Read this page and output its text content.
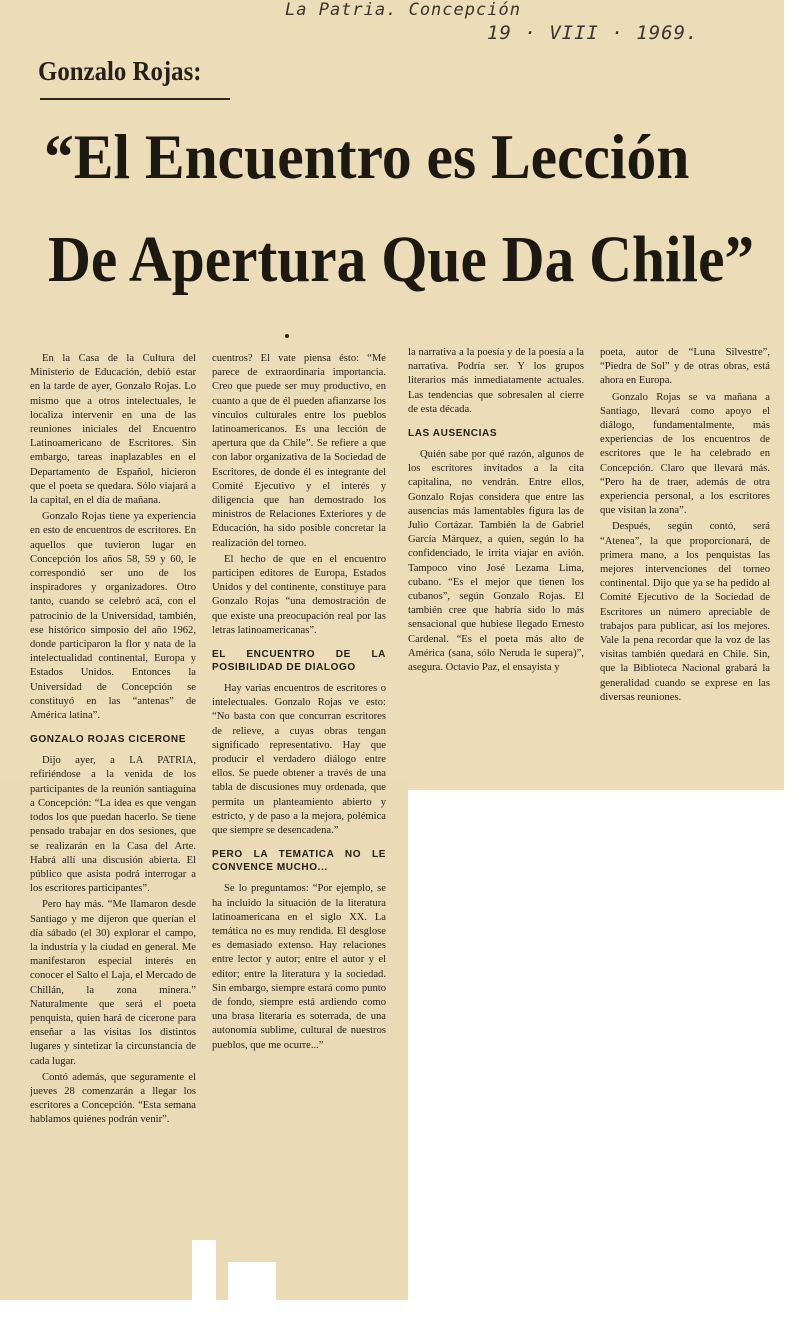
La Patria. Concepción
19 · VIII · 1969.
Gonzalo Rojas:
“El Encuentro es Lección
De Apertura Que Da Chile”

En la Casa de la Cultura del Ministerio de Educación, debió estar en la tarde de ayer, Gonzalo Rojas. Lo mismo que a otros intelectuales, le localiza intervenir en una de las reuniones iniciales del Encuentro Latinoamericano de Escritores. Sin embargo, tareas inaplazables en el Departamento de Español, hicieron que el poeta se quedara. Sólo viajará a la capital, en el día de mañana.

Gonzalo Rojas tiene ya experiencia en esto de encuentros de escritores. En aquellos que tuvieron lugar en Concepción los años 58, 59 y 60, le correspondió ser uno de los inspiradores y organizadores. Otro tanto, cuando se celebró acá, con el patrocinio de la Universidad, también, ese histórico simposio del año 1962, donde participaron la flor y nata de la intelectualidad continental, Europa y Estados Unidos. Entonces la Universidad de Concepción se constituyó en las “antenas” de América latina”.

GONZALO ROJAS CICERONE

Dijo ayer, a LA PATRIA, refiriéndose a la venida de los participantes de la reunión santiaguina a Concepción: “La idea es que vengan todos los que puedan hacerlo. Se tiene pensado trabajar en dos sesiones, que se realizarán en la Casa del Arte. Habrá allí una discusión abierta. El público que asista podrá interrogar a los escritores participantes”.

Pero hay más. “Me llamaron desde Santiago y me dijeron que querían el día sábado (el 30) explorar el campo, la industria y la ciudad en general. Me manifestaron especial interés en conocer el Salto el Laja, el Mercado de Chillán, la zona minera.” Naturalmente que será el poeta penquista, quien hará de cicerone para enseñar a las visitas los distintos lugares y sintetizar la circunstancia de cada lugar.

Contó además, que seguramente el jueves 28 comenzarán a llegar los escritores a Concepción. “Esta semana hablamos quiénes podrán venir”.

cuentros? El vate piensa ésto: “Me parece de extraordinaria importancia. Creo que puede ser muy productivo, en cuanto a que de él pueden afianzarse los vínculos culturales entre los pueblos latinoamericanos. Es una lección de apertura que da Chile”. Se refiere a que con labor organizativa de la Sociedad de Escritores, de donde él es integrante del Comité Ejecutivo y el interés y diligencia que han demostrado los ministros de Relaciones Exteriores y de Educación, ha sido posible concretar la realización del torneo.

El hecho de que en el encuentro participen editores de Europa, Estados Unidos y del continente, constituye para Gonzalo Rojas “una demostración de que existe una preocupación real por las letras latinoamericanas”.

EL ENCUENTRO DE LA POSIBILIDAD DE DIALOGO

Hay varias encuentros de escritores o intelectuales. Gonzalo Rojas ve esto: “No basta con que concurran escritores de relieve, a cuyas obras tengan significado representativo. Hay que producir el verdadero diálogo entre ellos. Se puede obtener a través de una tabla de discusiones muy ordenada, que permita un planteamiento abierto y estricto, y de paso a la mejora, polémica que siempre se desencadena.”

PERO LA TEMATICA NO LE CONVENCE MUCHO...

Se lo preguntamos: “Por ejemplo, se ha incluido la situación de la literatura latinoamericana en el siglo XX. La temática no es muy rendida. El desglose es demasiado extenso. Hay relaciones entre lector y autor; entre el autor y el editor; entre la literatura y la sociedad. Sin embargo, siempre estará como punto de fondo, siempre está ardiendo como una brasa literaria es soterrada, de una autonomía sublime, cultural de nuestros pueblos, que me ocurre...”

la narrativa a la poesía y de la poesía a la narrativa. Podría ser. Y los grupos literarios más inmediatamente actuales. Las tendencias que sobresalen al cierre de esta década.

LAS AUSENCIAS

Quién sabe por qué razón, algunos de los escritores invitados a la cita capitalina, no vendrán. Entre ellos, Gonzalo Rojas considera que entre las ausencias más lamentables figura las de Julio Cortázar. También la de Gabriel García Márquez, a quien, según lo ha confidenciado, le irrita viajar en avión. Tampoco vino José Lezama Lima, cubano. “Es el mejor que tienen los cubanos”, según Gonzalo Rojas. El también cree que habría sido lo más sensacional que hubiese llegado Ernesto Cardenal. “Es el poeta más alto de América (sana, sólo Neruda le supera)”, asegura. Octavio Paz, el ensayista y

poeta, autor de “Luna Silvestre”, “Piedra de Sol” y de otras obras, está ahora en Europa.

Gonzalo Rojas se va mañana a Santiago, llevará como apoyo el diálogo, fundamentalmente, más experiencias de los encuentros de escritores que le ha celebrado en Concepción. Claro que llevará más. “Pero ha de traer, además de otra experiencia personal, a los escritores que visitan la zona”.

Después, según contó, será “Atenea”, la que proporcionará, de primera mano, a los penquistas las mejores intervenciones del torneo continental. Dijo que ya se ha pedido al Comité Ejecutivo de la Sociedad de Escritores un número apreciable de trabajos para publicar, así los mejores. Vale la pena recordar que la voz de las visitas también quedará en Chile. Sin, que la Biblioteca Nacional grabará la generalidad cuando se exprese en las diversas reuniones.
